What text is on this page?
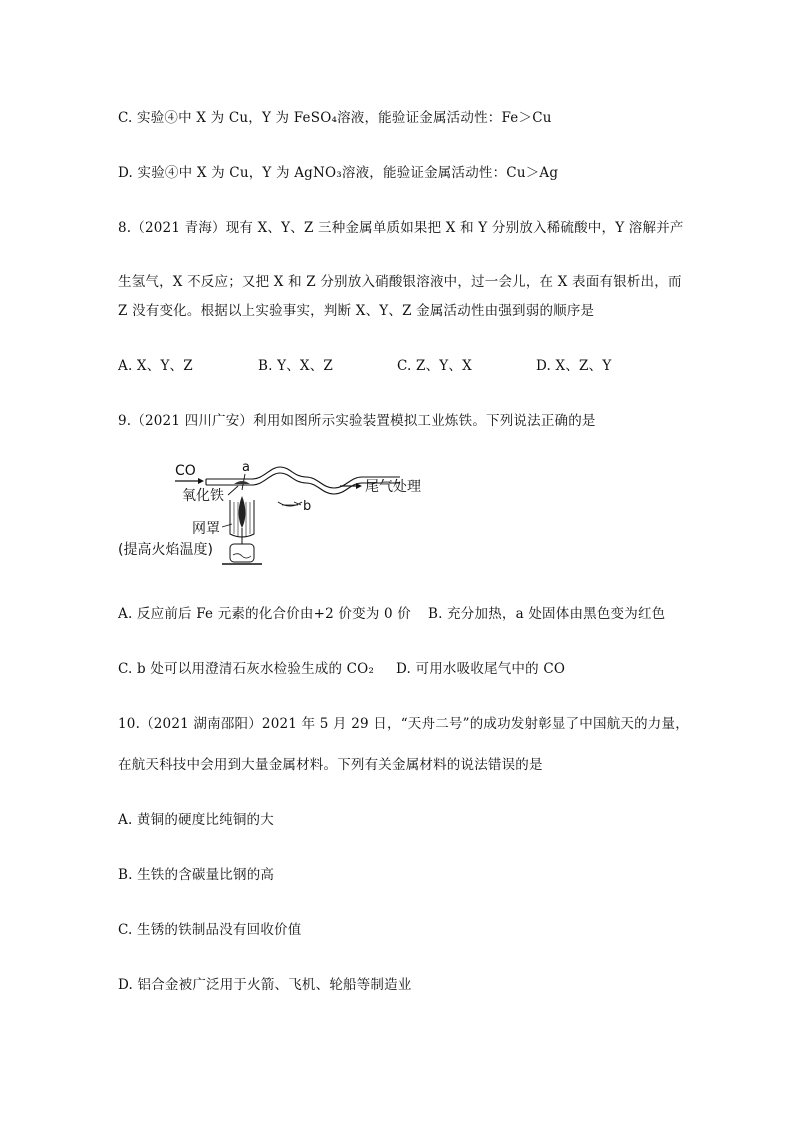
C. 实验④中 X 为 Cu，Y 为 FeSO₄溶液，能验证金属活动性：Fe＞Cu
D. 实验④中 X 为 Cu，Y 为 AgNO₃溶液，能验证金属活动性：Cu＞Ag
8.（2021 青海）现有 X、Y、Z 三种金属单质如果把 X 和 Y 分别放入稀硫酸中，Y 溶解并产
生氢气，X 不反应；又把 X 和 Z 分别放入硝酸银溶液中，过一会儿，在 X 表面有银析出，而
Z 没有变化。根据以上实验事实，判断 X、Y、Z 金属活动性由强到弱的顺序是
A. X、Y、Z	B. Y、X、Z	C. Z、Y、X	D. X、Z、Y
9.（2021 四川广安）利用如图所示实验装置模拟工业炼铁。下列说法正确的是
CO	a
尾气处理
b
氧化铁
网罩
(提高火焰温度)
A. 反应前后 Fe 元素的化合价由+2 价变为 0 价 B. 充分加热，a 处固体由黑色变为红色
C. b 处可以用澄清石灰水检验生成的 CO₂ D. 可用水吸收尾气中的 CO
10.（2021 湖南邵阳）2021 年 5 月 29 日，“天舟二号”的成功发射彰显了中国航天的力量，
在航天科技中会用到大量金属材料。下列有关金属材料的说法错误的是
A. 黄铜的硬度比纯铜的大
B. 生铁的含碳量比钢的高
C. 生锈的铁制品没有回收价值
D. 铝合金被广泛用于火箭、飞机、轮船等制造业
